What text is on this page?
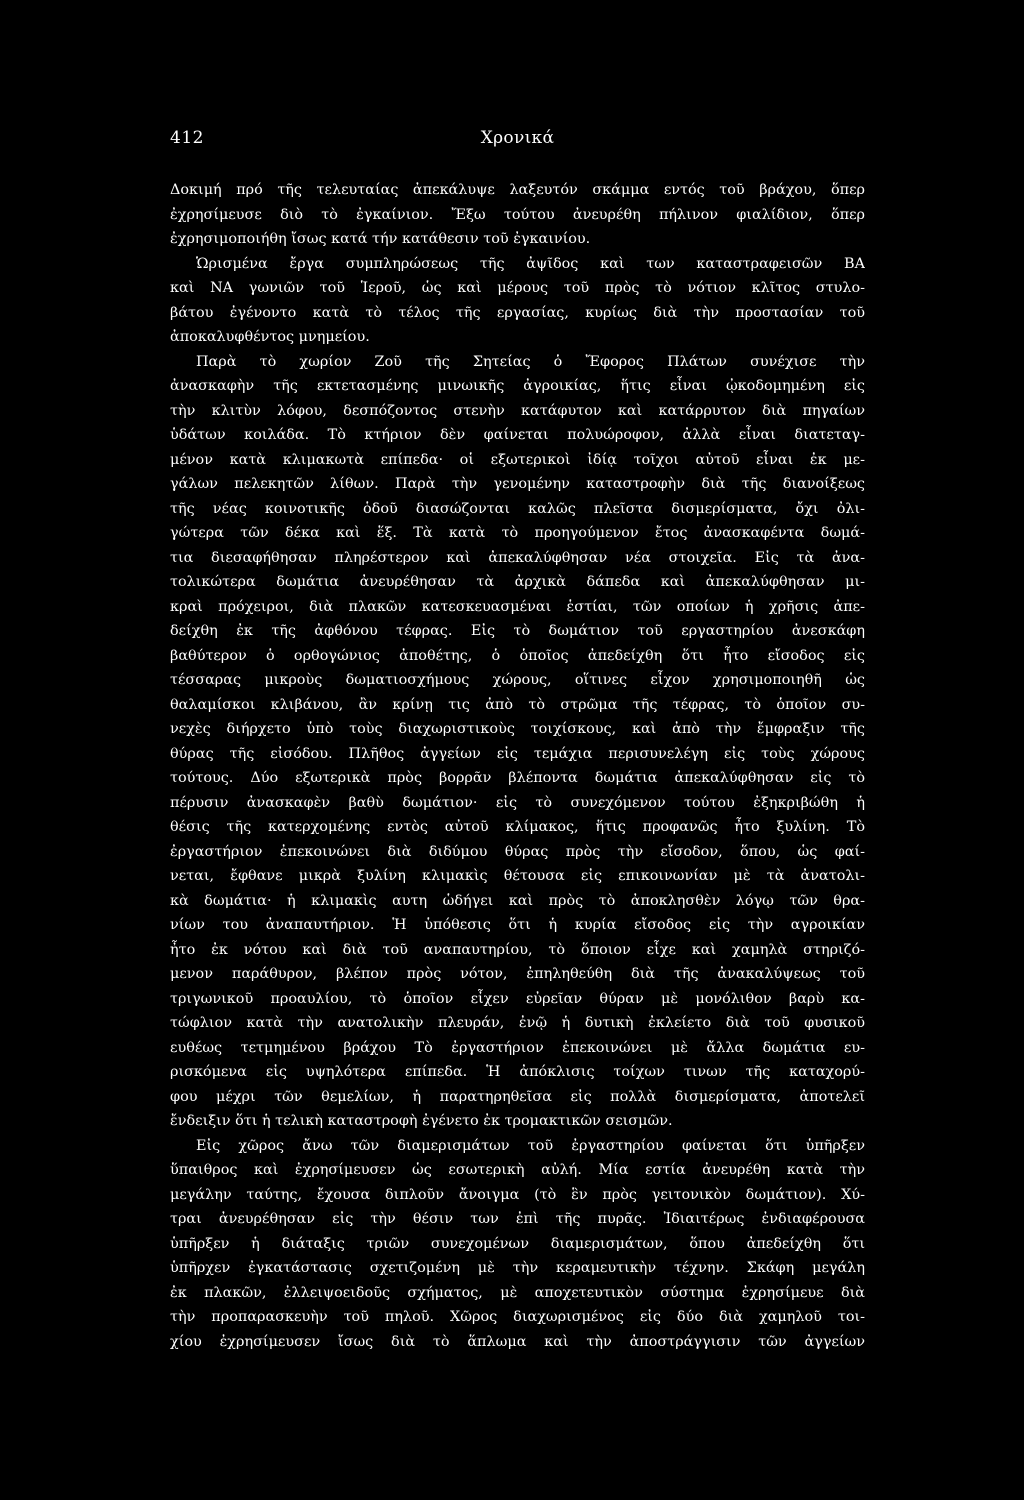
412	Χρονικά
Δοκιμή πρό τῆς τελευταίας ἀπεκάλυψε λαξευτόν σκάμμα εντός τοῦ βράχου, ὅπερ
ἐχρησίμευσε διὸ τὸ ἐγκαίνιον. Ἔξω τούτου ἀνευρέθη πήλινον φιαλίδιον, ὅπερ
ἐχρησιμοποιήθη ἴσως κατά τήν κατάθεσιν τοῦ ἐγκαινίου.
Ὡρισμένα ἔργα συμπληρώσεως τῆς ἀψῖδος καὶ των καταστραφεισῶν ΒΑ
καὶ ΝΑ γωνιῶν τοῦ Ἱεροῦ, ὡς καὶ μέρους τοῦ πρὸς τὸ νότιον κλῖτος στυλο-
βάτου ἐγένοντο κατὰ τὸ τέλος τῆς εργασίας, κυρίως διὰ τὴν προστασίαν τοῦ
ἀποκαλυφθέντος μνημείου.
Παρὰ τὸ χωρίον Ζοῦ τῆς Σητείας ὁ Ἔφορος Πλάτων συνέχισε τὴν
ἀνασκαφὴν τῆς εκτετασμένης μινωικῆς ἀγροικίας, ἥτις εἶναι ᾠκοδομημένη εἰς
τὴν κλιτὺν λόφου, δεσπόζοντος στενὴν κατάφυτον καὶ κατάρρυτον διὰ πηγαίων
ὑδάτων κοιλάδα. Τὸ κτήριον δὲν φαίνεται πολυώροφον, ἀλλὰ εἶναι διατεταγ-
μένον κατὰ κλιμακωτὰ επίπεδα· οἱ εξωτερικοὶ ἰδίᾳ τοῖχοι αὐτοῦ εἶναι ἐκ με-
γάλων πελεκητῶν λίθων. Παρὰ τὴν γενομένην καταστροφὴν διὰ τῆς διανοίξεως
τῆς νέας κοινοτικῆς ὁδοῦ διασώζονται καλῶς πλεῖστα δισμερίσματα, ὄχι ὀλι-
γώτερα τῶν δέκα καὶ ἕξ. Τὰ κατὰ τὸ προηγούμενον ἔτος ἀνασκαφέντα δωμά-
τια διεσαφήθησαν πληρέστερον καὶ ἀπεκαλύφθησαν νέα στοιχεῖα. Εἰς τὰ ἀνα-
τολικώτερα δωμάτια ἀνευρέθησαν τὰ ἀρχικὰ δάπεδα καὶ ἀπεκαλύφθησαν μι-
κραὶ πρόχειροι, διὰ πλακῶν κατεσκευασμέναι ἑστίαι, τῶν οποίων ἡ χρῆσις ἀπε-
δείχθη ἐκ τῆς ἀφθόνου τέφρας. Εἰς τὸ δωμάτιον τοῦ εργαστηρίου ἀνεσκάφη
βαθύτερον ὁ ορθογώνιος ἀποθέτης, ὁ ὁποῖος ἀπεδείχθη ὅτι ἦτο εἴσοδος εἰς
τέσσαρας μικροὺς δωματιοσχήμους χώρους, οἵτινες εἶχον χρησιμοποιηθῆ ὡς
θαλαμίσκοι κλιβάνου, ἂν κρίνῃ τις ἀπὸ τὸ στρῶμα τῆς τέφρας, τὸ ὁποῖον συ-
νεχὲς διήρχετο ὑπὸ τοὺς διαχωριστικοὺς τοιχίσκους, καὶ ἀπὸ τὴν ἔμφραξιν τῆς
θύρας τῆς εἰσόδου. Πλῆθος ἀγγείων εἰς τεμάχια περισυνελέγη εἰς τοὺς χώρους
τούτους. Δύο εξωτερικὰ πρὸς βορρᾶν βλέποντα δωμάτια ἀπεκαλύφθησαν εἰς τὸ
πέρυσιν ἀνασκαφὲν βαθὺ δωμάτιον· εἰς τὸ συνεχόμενον τούτου ἐξηκριβώθη ἡ
θέσις τῆς κατερχομένης εντὸς αὐτοῦ κλίμακος, ἥτις προφανῶς ἦτο ξυλίνη. Τὸ
ἐργαστήριον ἐπεκοινώνει διὰ διδύμου θύρας πρὸς τὴν εἴσοδον, ὅπου, ὡς φαί-
νεται, ἔφθανε μικρὰ ξυλίνη κλιμακὶς θέτουσα εἰς επικοινωνίαν μὲ τὰ ἀνατολι-
κὰ δωμάτια· ἡ κλιμακὶς αυτη ὡδήγει καὶ πρὸς τὸ ἀποκλησθὲν λόγῳ τῶν θρα-
νίων του ἀναπαυτήριον. Ἡ ὑπόθεσις ὅτι ἡ κυρία εἴσοδος εἰς τὴν αγροικίαν
ἦτο ἐκ νότου καὶ διὰ τοῦ αναπαυτηρίου, τὸ ὅποιον εἶχε καὶ χαμηλὰ στηριζό-
μενον παράθυρον, βλέπον πρὸς νότον, ἐπηληθεύθη διὰ τῆς ἀνακαλύψεως τοῦ
τριγωνικοῦ προαυλίου, τὸ ὁποῖον εἶχεν εὐρεῖαν θύραν μὲ μονόλιθον βαρὺ κα-
τώφλιον κατὰ τὴν ανατολικὴν πλευράν, ἐνῷ ἡ δυτικὴ ἐκλείετο διὰ τοῦ φυσικοῦ
ευθέως τετμημένου βράχου Τὸ ἐργαστήριον ἐπεκοινώνει μὲ ἄλλα δωμάτια ευ-
ρισκόμενα εἰς υψηλότερα επίπεδα. Ἡ ἀπόκλισις τοίχων τινων τῆς καταχορύ-
φου μέχρι τῶν θεμελίων, ἡ παρατηρηθεῖσα εἰς πολλὰ δισμερίσματα, ἀποτελεῖ
ἔνδειξιν ὅτι ἡ τελικὴ καταστροφὴ ἐγένετο ἐκ τρομακτικῶν σεισμῶν.
Εἰς χῶρος ἄνω τῶν διαμερισμάτων τοῦ ἐργαστηρίου φαίνεται ὅτι ὑπῆρξεν
ὕπαιθρος καὶ ἐχρησίμευσεν ὡς εσωτερικὴ αὐλή. Μία εστία ἀνευρέθη κατὰ τὴν
μεγάλην ταύτης, ἔχουσα διπλοῦν ἄνοιγμα (τὸ ἓν πρὸς γειτονικὸν δωμάτιον). Χύ-
τραι ἀνευρέθησαν εἰς τὴν θέσιν των ἐπὶ τῆς πυρᾶς. Ἰδιαιτέρως ἐνδιαφέρουσα
ὑπῆρξεν ἡ διάταξις τριῶν συνεχομένων διαμερισμάτων, ὅπου ἀπεδείχθη ὅτι
ὑπῆρχεν ἐγκατάστασις σχετιζομένη μὲ τὴν κεραμευτικὴν τέχνην. Σκάφη μεγάλη
ἐκ πλακῶν, ἐλλειψοειδοῦς σχήματος, μὲ αποχετευτικὸν σύστημα ἐχρησίμευε διὰ
τὴν προπαρασκευὴν τοῦ πηλοῦ. Χῶρος διαχωρισμένος εἰς δύο διὰ χαμηλοῦ τοι-
χίου ἐχρησίμευσεν ἴσως διὰ τὸ ἅπλωμα καὶ τὴν ἀποστράγγισιν τῶν ἀγγείων
